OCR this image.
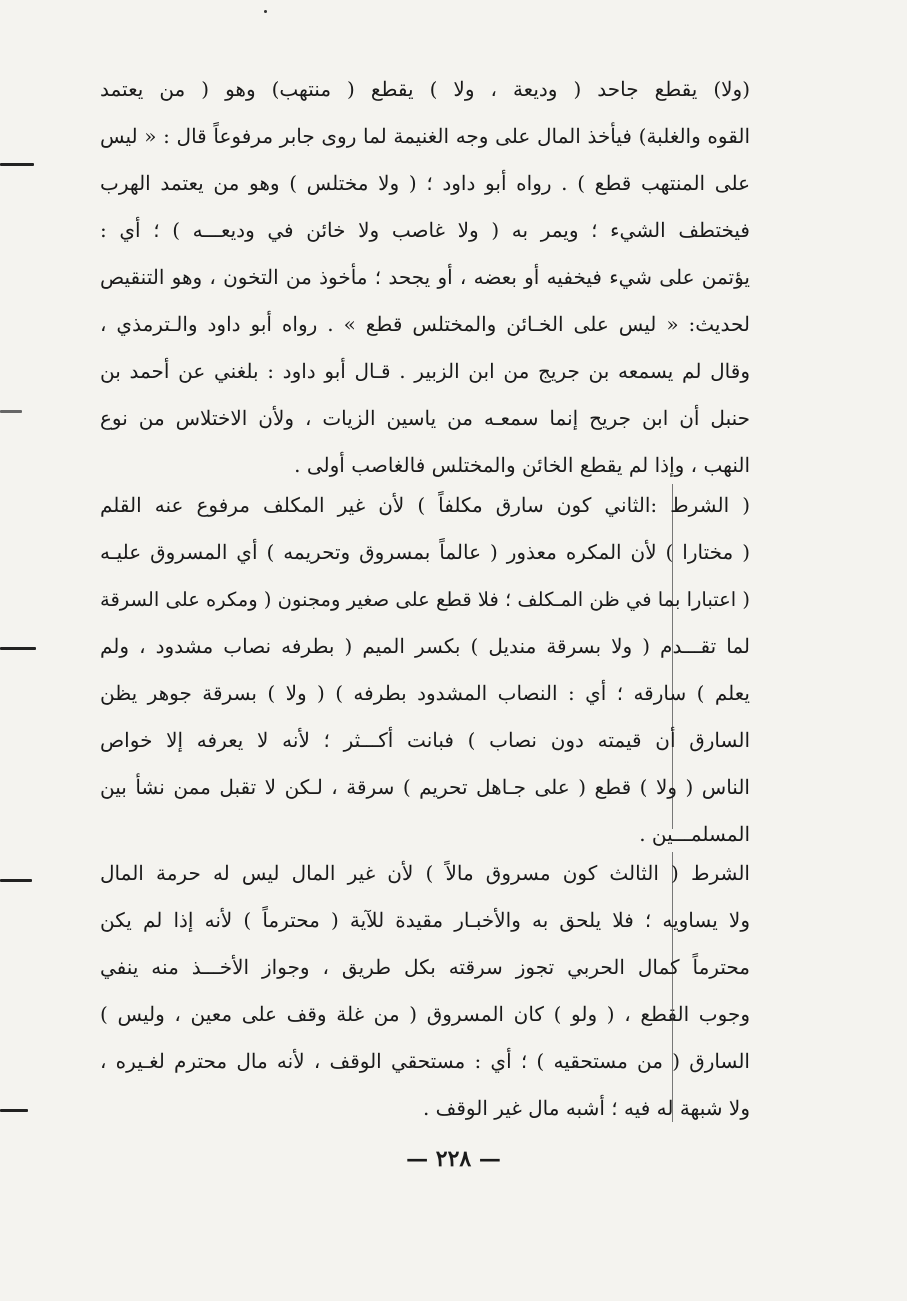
(ولا) يقطع جاحد ( وديعة ، ولا ) يقطع ( منتهب) وهو ( من يعتمد
القوه والغلبة) فيأخذ المال على وجه الغنيمة لما روى جابر مرفوعاً قال : « ليس
على المنتهب قطع ) . رواه أبو داود ؛ ( ولا مختلس ) وهو من يعتمد الهرب
فيختطف الشيء ؛ ويمر به ( ولا غاصب ولا خائن في وديعـــه ) ؛ أي :
يؤتمن على شيء فيخفيه أو بعضه ، أو يجحد ؛ مأخوذ من التخون ، وهو التنقيص
لحديث: « ليس على الخـائن والمختلس قطع » . رواه أبو داود والـترمذي ،
وقال لم يسمعه بن جريج من ابن الزبير . قـال أبو داود : بلغني عن أحمد بن
حنبل أن ابن جريح إنما سمعـه من ياسين الزيات ، ولأن الاختلاس من نوع
النهب ، وإذا لم يقطع الخائن والمختلس فالغاصب أولى .
( الشرط :الثاني كون سارق مكلفاً ) لأن غير المكلف مرفوع عنه القلم
( مختارا ) لأن المكره معذور ( عالماً بمسروق وتحريمه ) أي المسروق عليـه
( اعتبارا بما في ظن المـكلف ؛ فلا قطع على صغير ومجنون ( ومكره على السرقة
لما تقـــدم ( ولا بسرقة منديل ) بكسر الميم ( بطرفه نصاب مشدود ، ولم
يعلم ) سارقه ؛ أي : النصاب المشدود بطرفه ) ( ولا ) بسرقة جوهر يظن
السارق أن قيمته دون نصاب ) فبانت أكـــثر ؛ لأنه لا يعرفه إلا خواص
الناس ( ولا ) قطع ( على جـاهل تحريم ) سرقة ، لـكن لا تقبل ممن نشأ بين
المسلمـــين .
الشرط ( الثالث كون مسروق مالاً ) لأن غير المال ليس له حرمة المال
ولا يساويه ؛ فلا يلحق به والأخبـار مقيدة للآية ( محترماً ) لأنه إذا لم يكن
محترماً كمال الحربي تجوز سرقته بكل طريق ، وجواز الأخـــذ منه ينفي
وجوب القطع ، ( ولو ) كان المسروق ( من غلة وقف على معين ، وليس )
السارق ( من مستحقيه ) ؛ أي : مستحقي الوقف ، لأنه مال محترم لغـيره ،
ولا شبهة له فيه ؛ أشبه مال غير الوقف .
— ٢٢٨ —
